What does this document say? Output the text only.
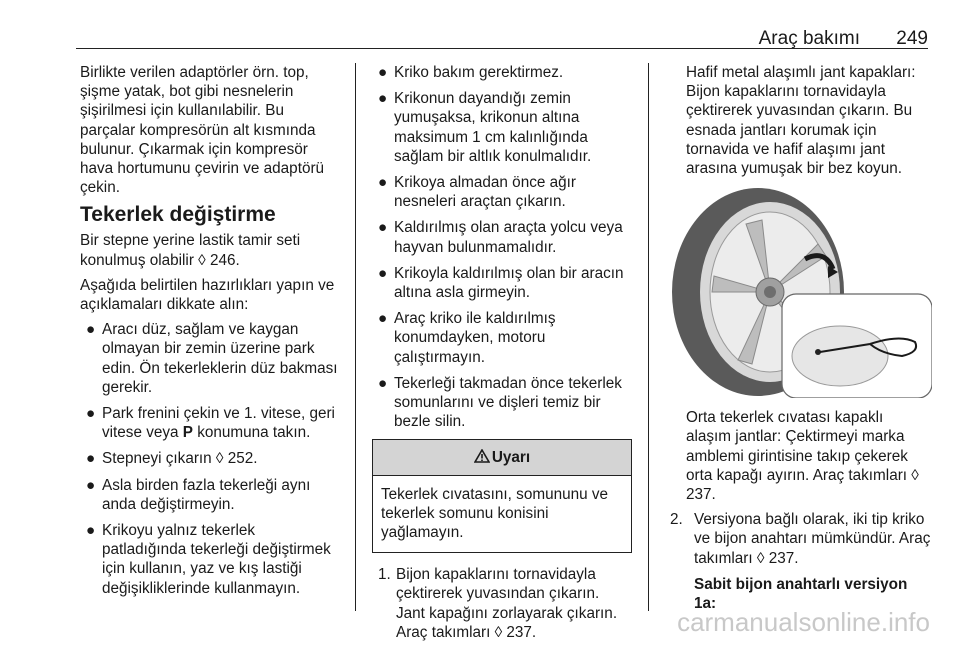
Araç bakımı 249

Birlikte verilen adaptörler örn. top, şişme yatak, bot gibi nesnelerin şişirilmesi için kullanılabilir. Bu parçalar kompresörün alt kısmında bulunur. Çıkarmak için kompresör hava hortumunu çevirin ve adaptörü çekin.

Tekerlek değiştirme

Bir stepne yerine lastik tamir seti konulmuş olabilir ◊ 246.

Aşağıda belirtilen hazırlıkları yapın ve açıklamaları dikkate alın:

● Aracı düz, sağlam ve kaygan olmayan bir zemin üzerine park edin. Ön tekerleklerin düz bakması gerekir.
● Park frenini çekin ve 1. vitese, geri vitese veya P konumuna takın.
● Stepneyi çıkarın ◊ 252.
● Asla birden fazla tekerleği aynı anda değiştirmeyin.
● Krikoyu yalnız tekerlek patladığında tekerleği değiştirmek için kullanın, yaz ve kış lastiği değişikliklerinde kullanmayın.
● Kriko bakım gerektirmez.
● Krikonun dayandığı zemin yumuşaksa, krikonun altına maksimum 1 cm kalınlığında sağlam bir altlık konulmalıdır.
● Krikoya almadan önce ağır nesneleri araçtan çıkarın.
● Kaldırılmış olan araçta yolcu veya hayvan bulunmamalıdır.
● Krikoyla kaldırılmış olan bir aracın altına asla girmeyin.
● Araç kriko ile kaldırılmış konumdayken, motoru çalıştırmayın.
● Tekerleği takmadan önce tekerlek somunlarını ve dişleri temiz bir bezle silin.
Uyarı
Tekerlek cıvatasını, somununu ve tekerlek somunu konisini yağlamayın.
1. Bijon kapaklarını tornavidayla çektirerek yuvasından çıkarın. Jant kapağını zorlayarak çıkarın. Araç takımları ◊ 237.

Hafif metal alaşımlı jant kapakları: Bijon kapaklarını tornavidayla çektirerek yuvasından çıkarın. Bu esnada jantları korumak için tornavida ve hafif alaşımı jant arasına yumuşak bir bez koyun.

Orta tekerlek cıvatası kapaklı alaşım jantlar: Çektirmeyi marka amblemi girintisine takıp çekerek orta kapağı ayırın. Araç takımları ◊ 237.

2. Versiyona bağlı olarak, iki tip kriko ve bijon anahtarı mümkündür. Araç takımları ◊ 237.

Sabit bijon anahtarlı versiyon 1a:

carmanualsonline.info
